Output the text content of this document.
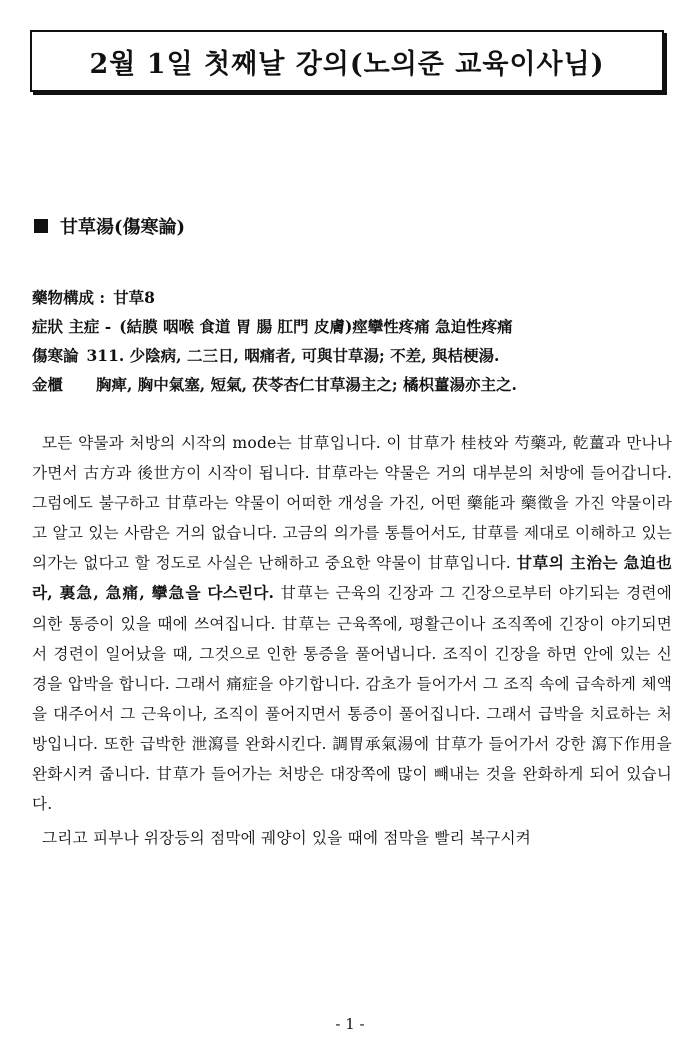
2월 1일 첫째날 강의(노의준 교육이사님)
甘草湯(傷寒論)
藥物構成 : 甘草8
症狀 主症 - (結膜 咽喉 食道 胃 腸 肛門 皮膚)痙攣性疼痛 急迫性疼痛
傷寒論 311. 少陰病, 二三日, 咽痛者, 可與甘草湯; 不差, 與桔梗湯.
金櫃 胸痺, 胸中氣塞, 短氣, 茯苓杏仁甘草湯主之; 橘枳薑湯亦主之.

모든 약물과 처방의 시작의 mode는 甘草입니다. 이 甘草가 桂枝와 芍藥과, 乾薑과 만나나가면서 古方과 後世方이 시작이 됩니다. 甘草라는 약물은 거의 대부분의 처방에 들어갑니다. 그럼에도 불구하고 甘草라는 약물이 어떠한 개성을 가진, 어떤 藥能과 藥徵을 가진 약물이라고 알고 있는 사람은 거의 없습니다. 고금의 의가를 통틀어서도, 甘草를 제대로 이해하고 있는 의가는 없다고 할 정도로 사실은 난해하고 중요한 약물이 甘草입니다. 甘草의 主治는 急迫也라, 裏急, 急痛, 攣急을 다스린다. 甘草는 근육의 긴장과 그 긴장으로부터 야기되는 경련에 의한 통증이 있을 때에 쓰여집니다. 甘草는 근육쪽에, 평활근이나 조직쪽에 긴장이 야기되면서 경련이 일어났을 때, 그것으로 인한 통증을 풀어냅니다. 조직이 긴장을 하면 안에 있는 신경을 압박을 합니다. 그래서 痛症을 야기합니다. 감초가 들어가서 그 조직 속에 급속하게 체액을 대주어서 그 근육이나, 조직이 풀어지면서 통증이 풀어집니다. 그래서 급박을 치료하는 처방입니다. 또한 급박한 泄瀉를 완화시킨다. 調胃承氣湯에 甘草가 들어가서 강한 瀉下作用을 완화시켜 줍니다. 甘草가 들어가는 처방은 대장쪽에 많이 빼내는 것을 완화하게 되어 있습니다.

그리고 피부나 위장등의 점막에 궤양이 있을 때에 점막을 빨리 복구시켜

- 1 -
